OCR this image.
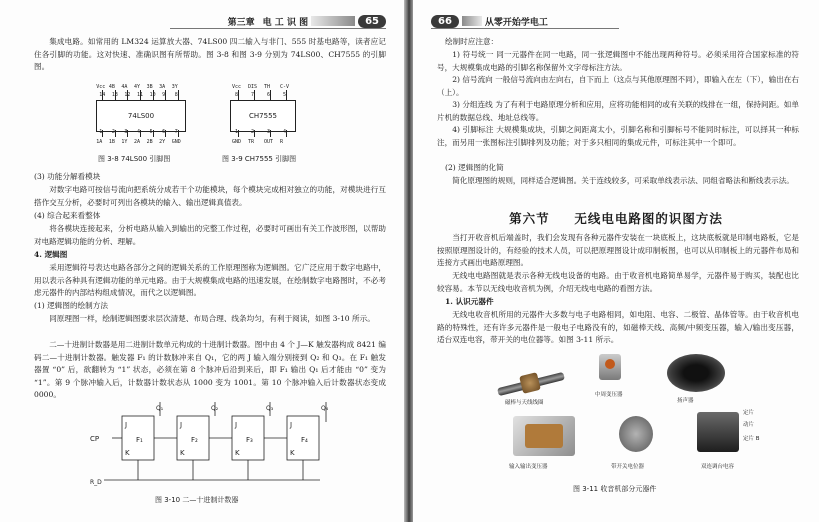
第三章 电 工 识 图	65
集成电路。如常用的 LM324 运算放大器、74LS00 四二输入与非门、555 时基电路等，读者应记住各引脚的功能。这对快速、准确识图有所帮助。图 3-8 和图 3-9 分别为 74LS00、CH7555 的引脚图。
Vcc
14
4B
13
4A
12
4Y
11
3B
10
3A
9
3Y
8
74LS00
1A
1
1B
2
1Y
3
2A
4
2B
5
2Y
6
GND
7
图 3-8 74LS00 引脚图
Vcc
8
DIS
7
TH
6
C-V
5
CH7555
GND
1
TR
2
OUT
3
R
4
图 3-9 CH7555 引脚图
(3) 功能分解看模块
对数字电路可按信号流向把系统分成若干个功能模块，每个模块完成相对独立的功能，对模块进行互搭作交互分析，必要时可列出各模块的输入、输出逻辑真值表。
(4) 综合起来看整体
将各模块连接起来，分析电路从输入到输出的完整工作过程，必要时可画出有关工作波形图，以帮助对电路逻辑功能的分析、理解。
4. 逻辑图
采用逻辑符号表达电路各部分之间的逻辑关系的工作原理图称为逻辑图。它广泛应用于数字电路中，用以表示各种具有逻辑功能的单元电路。由于大规模集成电路的迅速发展，在绘制数字电路图时，不必考虑元器件的内部结构组成情况，而代之以逻辑图。
(1) 逻辑图的绘制方法
同原理图一样，绘制逻辑图要求层次清楚、布局合理、线条均匀，有利于阅读，如图 3-10 所示。
二—十进制计数器是用二进制计数单元构成的十进制计数器。图中由 4 个 J—K 触发器构成 8421 编码二—十进制计数器。触发器 F₁ 的计数脉冲来自 Q₁，它的两 J 输入端分别接到 Q₂ 和 Q₃。在 F₁ 触发器置 “0” 后，欲翻转为 “1” 状态，必须在第 8 个脉冲后沿到来后，即 F₁ 输出 Q₁ 后才能由 “0” 变为 “1”。第 9 个脉冲输入后，计数器计数状态从 1000 变为 1001。第 10 个脉冲输入后计数器状态变成 0000。
J
K
F₁
Q₁
J
K
F₂
Q₂
J
K
F₃
Q₃
J
K
F₄
Q₄
CP
R_D
图 3-10 二—十进制计数器
66	从零开始学电工
绘制时应注意：
1) 符号统一 同一元器件在同一电路，同一张逻辑图中不能出现两种符号。必须采用符合国家标准的符号，大规模集成电路的引脚名称保留外文字母标注方法。
2) 信号流向 一般信号流向由左向右，自下而上（这点与其他原理图不同），即输入在左（下），输出在右（上）。
3) 分组连线 为了有利于电路原理分析和应用，应将功能相同的或有关联的线排在一组，保持间距。如单片机的数据总线、地址总线等。
4) 引脚标注 大规模集成块，引脚之间距离太小，引脚名称和引脚标号不能同时标注，可以择其一种标注，而另用一张图标注引脚排列及功能；对于多只相同的集成元件，可标注其中一个即可。
(2) 逻辑图的化简
简化原理图的规则，同样适合逻辑图。关于连线较多，可采取单线表示法、同组省略法和断线表示法。
第六节 无线电电路图的识图方法
当打开收音机后端盖时，我们会发现有各种元器件安装在一块底板上，这块底板就是印制电路板，它是按照原理图设计的，有经验的技术人员，可以把原理图设计成印制板图，也可以从印制板上的元器件布局和连接方式画出电路原理图。
无线电电路图就是表示各种无线电设备的电路。由于收音机电路简单易学，元器件易于购买，装配也比较容易。本节以无线电收音机为例，介绍无线电电路的看图方法。
1. 认识元器件
无线电收音机所用的元器件大多数与电子电路相同，如电阻、电容、二极管、晶体管等。由于收音机电路的特殊性，还有许多元器件是一般电子电路没有的，如磁棒天线、高频/中频变压器，输入/输出变压器，适台双连电容，带开关的电位器等。如图 3-11 所示。
磁棒与天线线圈
中周变压器
扬声器
输入输出变压器	带开关电位器
定片
动片
定片 B
双连调台电容
图 3-11 收音机部分元器件
